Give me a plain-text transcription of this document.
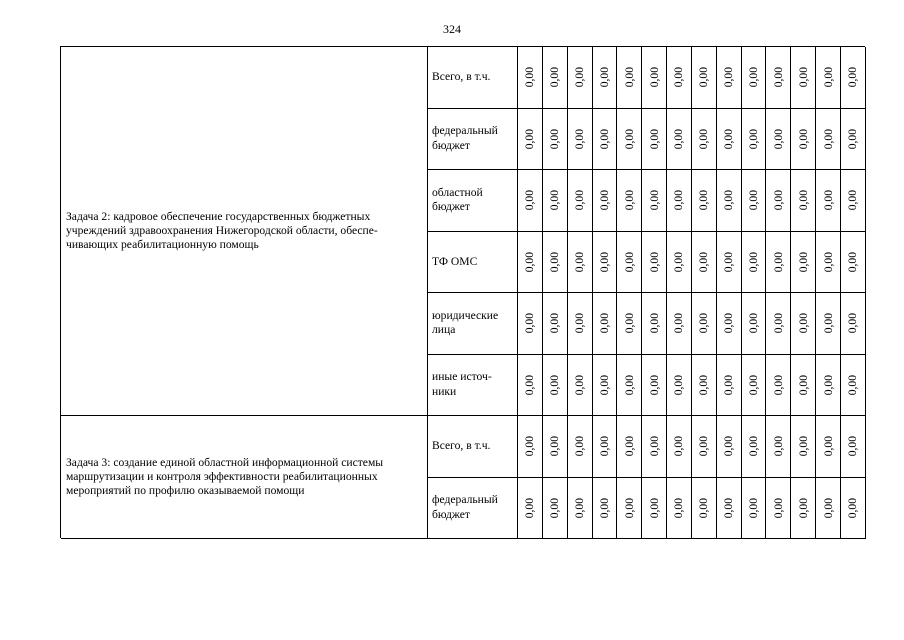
324
Задача 2: кадровое обеспечение государственных бюджетных учреждений здравоохранения Нижегородской области, обеспе-чивающих реабилитационную помощь
Всего, в т.ч.	0,00 0,00 0,00 0,00 0,00 0,00 0,00 0,00 0,00 0,00 0,00 0,00 0,00 0,00
федеральный бюджет	0,00 0,00 0,00 0,00 0,00 0,00 0,00 0,00 0,00 0,00 0,00 0,00 0,00 0,00
областной бюджет	0,00 0,00 0,00 0,00 0,00 0,00 0,00 0,00 0,00 0,00 0,00 0,00 0,00 0,00
ТФ ОМС	0,00 0,00 0,00 0,00 0,00 0,00 0,00 0,00 0,00 0,00 0,00 0,00 0,00 0,00
юридические лица	0,00 0,00 0,00 0,00 0,00 0,00 0,00 0,00 0,00 0,00 0,00 0,00 0,00 0,00
иные источ-ники	0,00 0,00 0,00 0,00 0,00 0,00 0,00 0,00 0,00 0,00 0,00 0,00 0,00 0,00
Задача 3: создание единой областной информационной системы маршрутизации и контроля эффективности реабилитационных мероприятий по профилю оказываемой помощи
Всего, в т.ч.	0,00 0,00 0,00 0,00 0,00 0,00 0,00 0,00 0,00 0,00 0,00 0,00 0,00 0,00
федеральный бюджет	0,00 0,00 0,00 0,00 0,00 0,00 0,00 0,00 0,00 0,00 0,00 0,00 0,00 0,00
